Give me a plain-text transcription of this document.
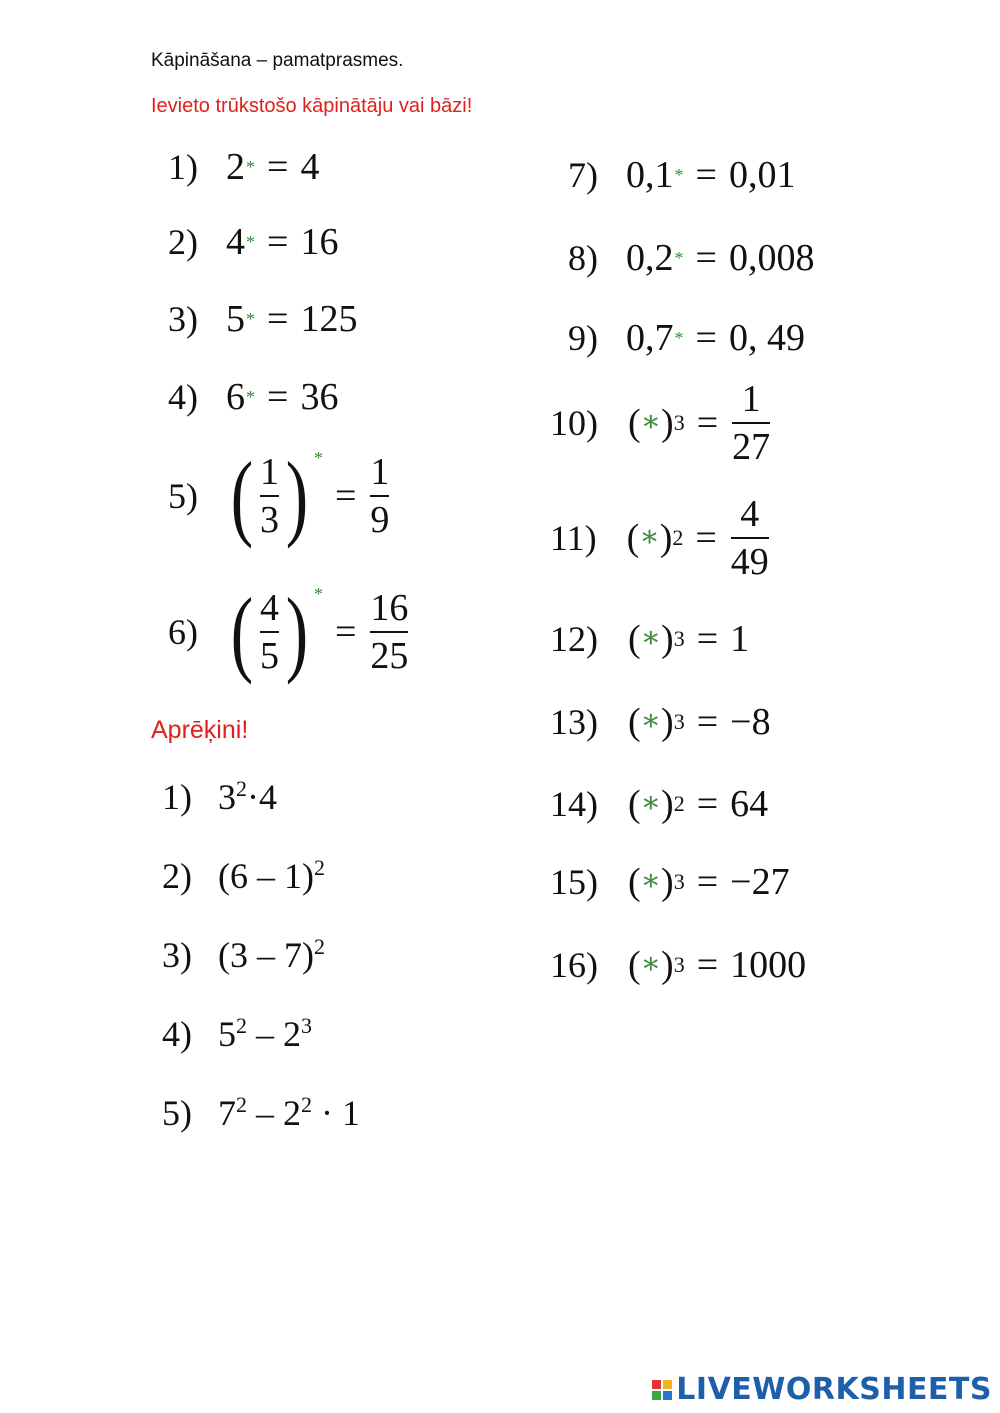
Kāpināšana – pamatprasmes.
Ievieto trūkstošo kāpinātāju vai bāzi!
1) 2 * = 4
2) 4 * = 16
3) 5 * = 125
4) 6 * = 36
5) ( $\frac{1}{3}$ ) *
= $\frac{1}{9}$
6) ( $\frac{4}{5}$ ) *
= $\frac{16}{25}$
7) 0,1 * = 0,01
8) 0,2 * = 0,008
9) 0,7 * = 0, 49
10) ( ∗ ) $3 = \frac{1}{27}$
11) ( ∗ ) $2 = \frac{4}{49}$
12) ( ∗ ) 3 = 1
13) ( ∗ ) 3 = −8
14) ( ∗ ) 2 = 64
15) ( ∗ ) 3 = −27
16) ( ∗ ) 3 = 1000
Aprēķini!
1) $3^2\cdot 4$
2) (6 – 1)$^2$
3) (3 – 7)$^2$
4) $5^2 - 2^3$
5) $7^2 - 2^2 \cdot 1$
LIVEWORKSHEETS
